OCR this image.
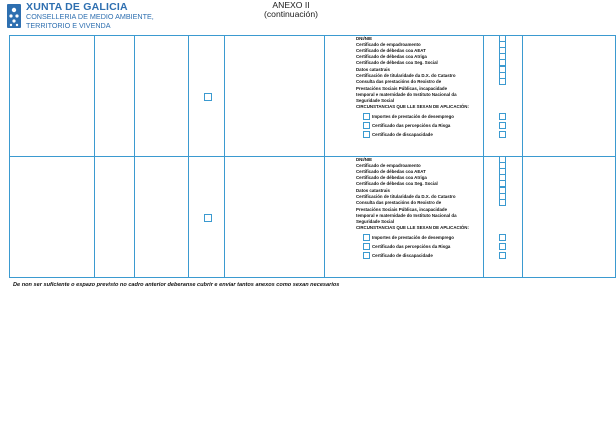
XUNTA DE GALICIA
CONSELLERIA DE MEDIO AMBIENTE,
TERRITORIO E VIVENDA
ANEXO II
(continuación)
De non ser suficiente o espazo previsto no cadro anterior deberanse cubrir e enviar tantos anexos como sexan necesarios
DNI/NIE
Certificado de empadroamento
Certificado de débedas coa AEAT
Certificado de débedas coa Atriga
Certificado de débedas coa Seg. Social
Datos catastrais
Certificación de titularidade da D.X. do Catastro
Consulta das prestacións do Rexistro de
Prestacións Sociais Públicas, incapacidade
temporal e maternidade do Instituto Nacional da
Seguridade Social
CIRCUNSTANCIAS QUE LLE SEXAN DE APLICACIÓN:
Importes de prestación de desemprego
Certificado das percepcións da Risga
Certificado de discapacidade
DNI/NIE
Certificado de empadroamento
Certificado de débedas coa AEAT
Certificado de débedas coa Atriga
Certificado de débedas coa Seg. Social
Datos catastrais
Certificación de titularidade da D.X. do Catastro
Consulta das prestacións do Rexistro de
Prestacións Sociais Públicas, incapacidade
temporal e maternidade do Instituto Nacional da
Seguridade Social
CIRCUNSTANCIAS QUE LLE SEXAN DE APLICACIÓN:
Importes de prestación de desemprego
Certificado das percepcións da Risga
Certificado de discapacidade
